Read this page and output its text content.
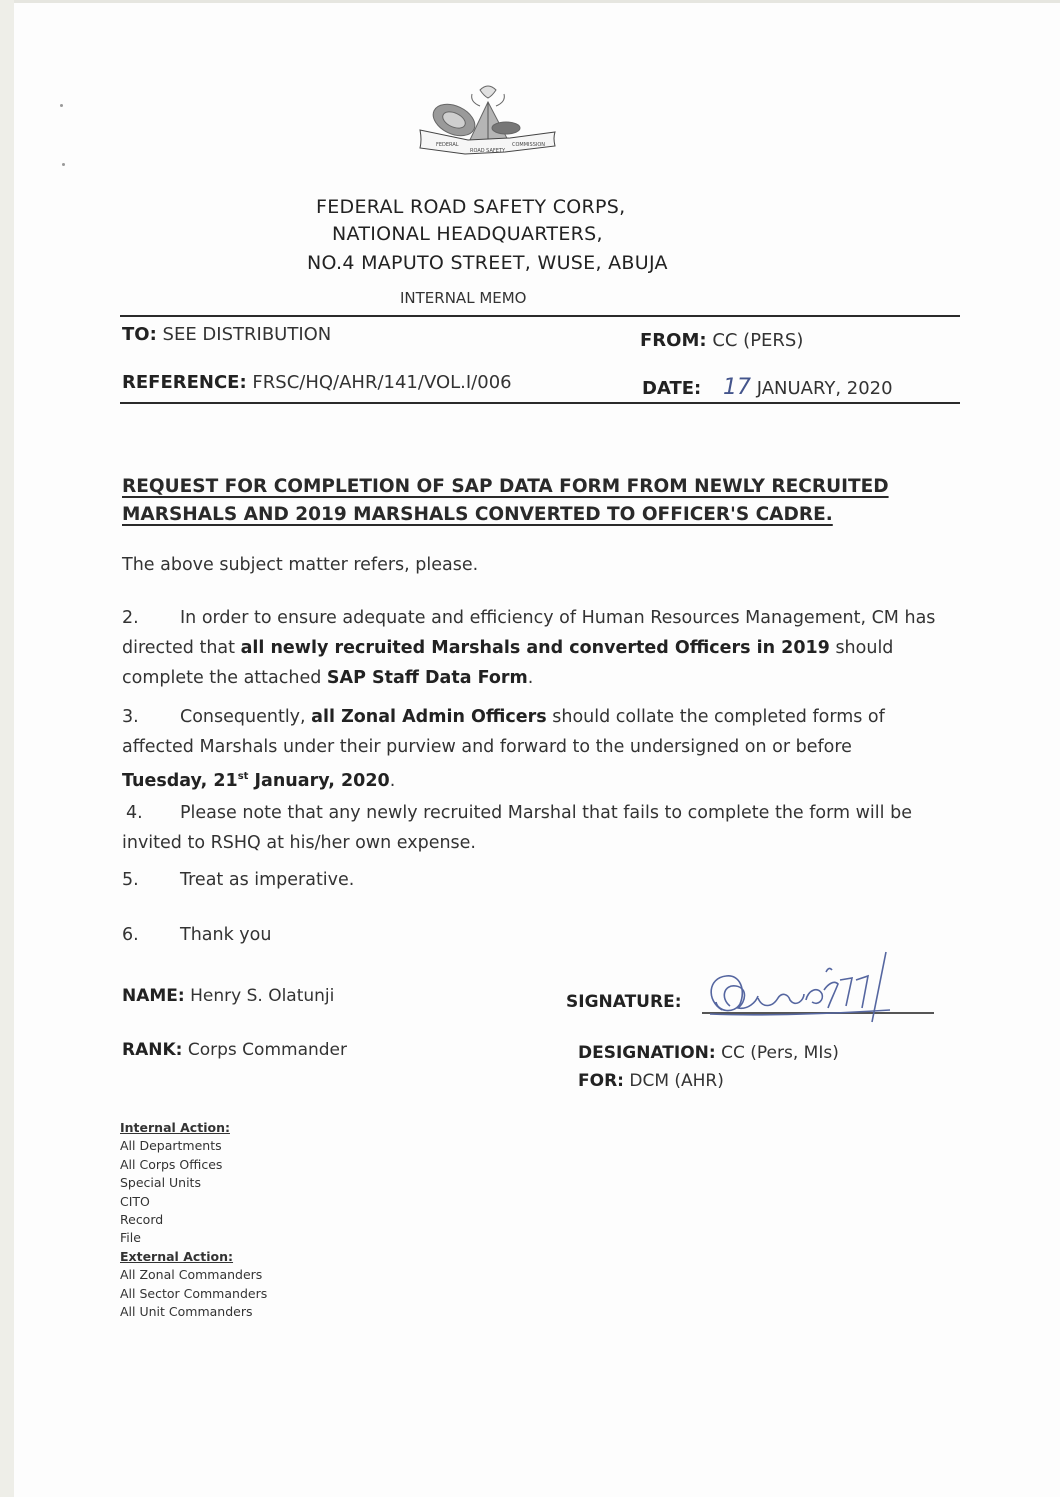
FEDERAL
ROAD SAFETY
COMMISSION
FEDERAL ROAD SAFETY CORPS,
NATIONAL HEADQUARTERS,
NO.4 MAPUTO STREET, WUSE, ABUJA
INTERNAL MEMO
TO: SEE DISTRIBUTION	FROM: CC (PERS)
REFERENCE: FRSC/HQ/AHR/141/VOL.I/006	DATE: 17 JANUARY, 2020
REQUEST FOR COMPLETION OF SAP DATA FORM FROM NEWLY RECRUITED
MARSHALS AND 2019 MARSHALS CONVERTED TO OFFICER'S CADRE.
The above subject matter refers, please.
2. In order to ensure adequate and efficiency of Human Resources Management, CM has directed that all newly recruited Marshals and converted Officers in 2019 should complete the attached SAP Staff Data Form.
3. Consequently, all Zonal Admin Officers should collate the completed forms of affected Marshals under their purview and forward to the undersigned on or before Tuesday, 21st January, 2020.
4. Please note that any newly recruited Marshal that fails to complete the form will be invited to RSHQ at his/her own expense.
5. Treat as imperative.
6. Thank you
NAME: Henry S. Olatunji
RANK: Corps Commander
SIGNATURE:
DESIGNATION: CC (Pers, MIs)
FOR: DCM (AHR)
Internal Action:
All Departments
All Corps Offices
Special Units
CITO
Record
File
External Action:
All Zonal Commanders
All Sector Commanders
All Unit Commanders
